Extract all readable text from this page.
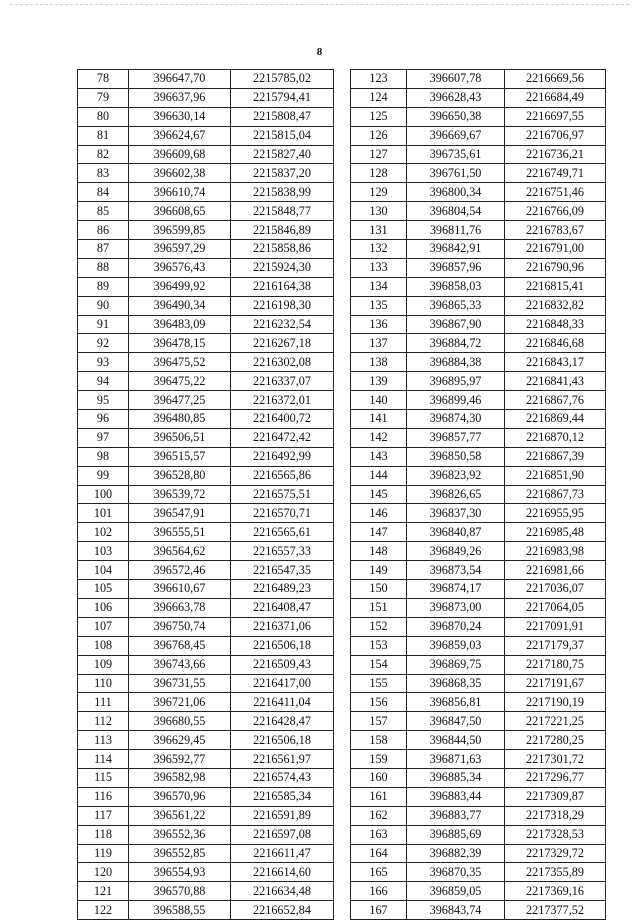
8
78	396647,70	2215785,02
79	396637,96	2215794,41
80	396630,14	2215808,47
81	396624,67	2215815,04
82	396609,68	2215827,40
83	396602,38	2215837,20
84	396610,74	2215838,99
85	396608,65	2215848,77
86	396599,85	2215846,89
87	396597,29	2215858,86
88	396576,43	2215924,30
89	396499,92	2216164,38
90	396490,34	2216198,30
91	396483,09	2216232,54
92	396478,15	2216267,18
93	396475,52	2216302,08
94	396475,22	2216337,07
95	396477,25	2216372,01
96	396480,85	2216400,72
97	396506,51	2216472,42
98	396515,57	2216492,99
99	396528,80	2216565,86
100	396539,72	2216575,51
101	396547,91	2216570,71
102	396555,51	2216565,61
103	396564,62	2216557,33
104	396572,46	2216547,35
105	396610,67	2216489,23
106	396663,78	2216408,47
107	396750,74	2216371,06
108	396768,45	2216506,18
109	396743,66	2216509,43
110	396731,55	2216417,00
111	396721,06	2216411,04
112	396680,55	2216428,47
113	396629,45	2216506,18
114	396592,77	2216561,97
115	396582,98	2216574,43
116	396570,96	2216585,34
117	396561,22	2216591,89
118	396552,36	2216597,08
119	396552,85	2216611,47
120	396554,93	2216614,60
121	396570,88	2216634,48
122	396588,55	2216652,84
123	396607,78	2216669,56
124	396628,43	2216684,49
125	396650,38	2216697,55
126	396669,67	2216706,97
127	396735,61	2216736,21
128	396761,50	2216749,71
129	396800,34	2216751,46
130	396804,54	2216766,09
131	396811,76	2216783,67
132	396842,91	2216791,00
133	396857,96	2216790,96
134	396858,03	2216815,41
135	396865,33	2216832,82
136	396867,90	2216848,33
137	396884,72	2216846,68
138	396884,38	2216843,17
139	396895,97	2216841,43
140	396899,46	2216867,76
141	396874,30	2216869,44
142	396857,77	2216870,12
143	396850,58	2216867,39
144	396823,92	2216851,90
145	396826,65	2216867,73
146	396837,30	2216955,95
147	396840,87	2216985,48
148	396849,26	2216983,98
149	396873,54	2216981,66
150	396874,17	2217036,07
151	396873,00	2217064,05
152	396870,24	2217091,91
153	396859,03	2217179,37
154	396869,75	2217180,75
155	396868,35	2217191,67
156	396856,81	2217190,19
157	396847,50	2217221,25
158	396844,50	2217280,25
159	396871,63	2217301,72
160	396885,34	2217296,77
161	396883,44	2217309,87
162	396883,77	2217318,29
163	396885,69	2217328,53
164	396882,39	2217329,72
165	396870,35	2217355,89
166	396859,05	2217369,16
167	396843,74	2217377,52
